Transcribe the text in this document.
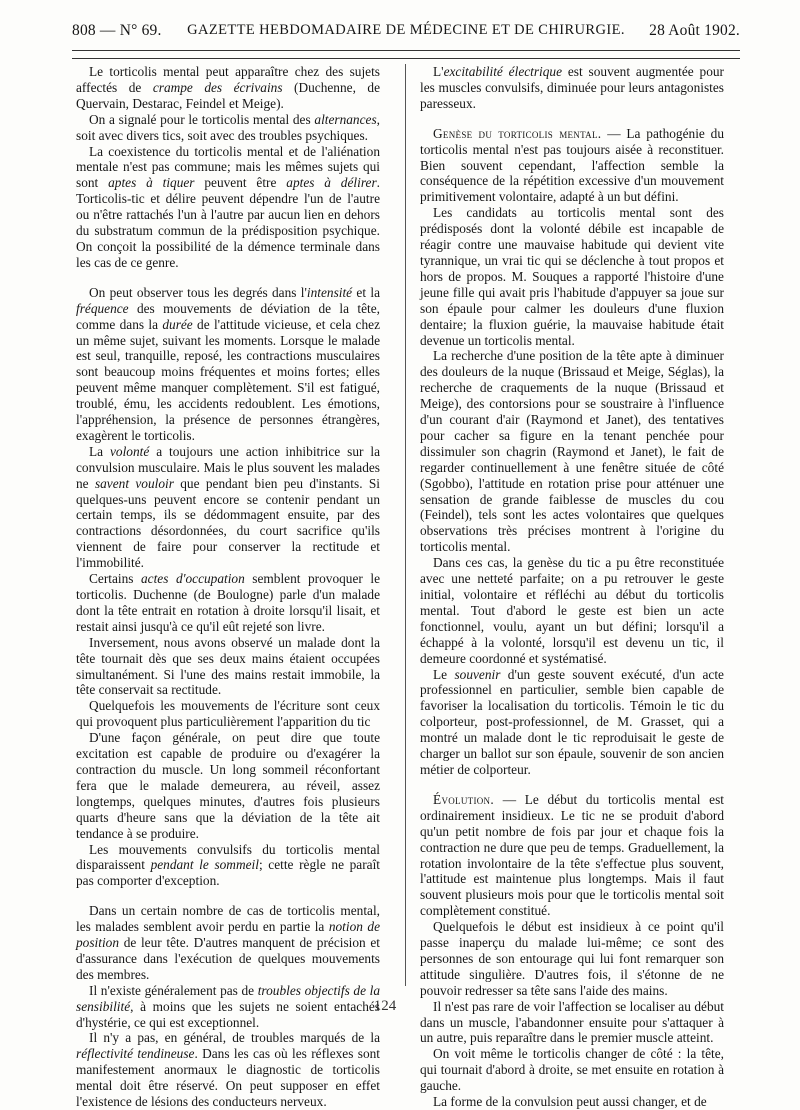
808 — N° 69.	GAZETTE HEBDOMADAIRE DE MÉDECINE ET DE CHIRURGIE.	28 Août 1902.

Le torticolis mental peut apparaître chez des sujets affectés de crampe des écrivains (Duchenne, de Quervain, Destarac, Feindel et Meige).

On a signalé pour le torticolis mental des alternances, soit avec divers tics, soit avec des troubles psychiques.

La coexistence du torticolis mental et de l'aliénation mentale n'est pas commune; mais les mêmes sujets qui sont aptes à tiquer peuvent être aptes à délirer. Torticolis-tic et délire peuvent dépendre l'un de l'autre ou n'être rattachés l'un à l'autre par aucun lien en dehors du substratum commun de la prédisposition psychique. On conçoit la possibilité de la démence terminale dans les cas de ce genre.

On peut observer tous les degrés dans l'intensité et la fréquence des mouvements de déviation de la tête, comme dans la durée de l'attitude vicieuse, et cela chez un même sujet, suivant les moments. Lorsque le malade est seul, tranquille, reposé, les contractions musculaires sont beaucoup moins fréquentes et moins fortes; elles peuvent même manquer complètement. S'il est fatigué, troublé, ému, les accidents redoublent. Les émotions, l'appréhension, la présence de personnes étrangères, exagèrent le torticolis.

La volonté a toujours une action inhibitrice sur la convulsion musculaire. Mais le plus souvent les malades ne savent vouloir que pendant bien peu d'instants. Si quelques-uns peuvent encore se contenir pendant un certain temps, ils se dédommagent ensuite, par des contractions désordonnées, du court sacrifice qu'ils viennent de faire pour conserver la rectitude et l'immobilité.

Certains actes d'occupation semblent provoquer le torticolis. Duchenne (de Boulogne) parle d'un malade dont la tête entrait en rotation à droite lorsqu'il lisait, et restait ainsi jusqu'à ce qu'il eût rejeté son livre.

Inversement, nous avons observé un malade dont la tête tournait dès que ses deux mains étaient occupées simultanément. Si l'une des mains restait immobile, la tête conservait sa rectitude.

Quelquefois les mouvements de l'écriture sont ceux qui provoquent plus particulièrement l'apparition du tic

D'une façon générale, on peut dire que toute excitation est capable de produire ou d'exagérer la contraction du muscle. Un long sommeil réconfortant fera que le malade demeurera, au réveil, assez longtemps, quelques minutes, d'autres fois plusieurs quarts d'heure sans que la déviation de la tête ait tendance à se produire.

Les mouvements convulsifs du torticolis mental disparaissent pendant le sommeil; cette règle ne paraît pas comporter d'exception.

Dans un certain nombre de cas de torticolis mental, les malades semblent avoir perdu en partie la notion de position de leur tête. D'autres manquent de précision et d'assurance dans l'exécution de quelques mouvements des membres.

Il n'existe généralement pas de troubles objectifs de la sensibilité, à moins que les sujets ne soient entachés d'hystérie, ce qui est exceptionnel.

Il n'y a pas, en général, de troubles marqués de la réflectivité tendineuse. Dans les cas où les réflexes sont manifestement anormaux le diagnostic de torticolis mental doit être réservé. On peut supposer en effet l'existence de lésions des conducteurs nerveux.

L'excitabilité électrique est souvent augmentée pour les muscles convulsifs, diminuée pour leurs antagonistes paresseux.

Genèse du torticolis mental. — La pathogénie du torticolis mental n'est pas toujours aisée à reconstituer. Bien souvent cependant, l'affection semble la conséquence de la répétition excessive d'un mouvement primitivement volontaire, adapté à un but défini.

Les candidats au torticolis mental sont des prédisposés dont la volonté débile est incapable de réagir contre une mauvaise habitude qui devient vite tyrannique, un vrai tic qui se déclenche à tout propos et hors de propos. M. Souques a rapporté l'histoire d'une jeune fille qui avait pris l'habitude d'appuyer sa joue sur son épaule pour calmer les douleurs d'une fluxion dentaire; la fluxion guérie, la mauvaise habitude était devenue un torticolis mental.

La recherche d'une position de la tête apte à diminuer des douleurs de la nuque (Brissaud et Meige, Séglas), la recherche de craquements de la nuque (Brissaud et Meige), des contorsions pour se soustraire à l'influence d'un courant d'air (Raymond et Janet), des tentatives pour cacher sa figure en la tenant penchée pour dissimuler son chagrin (Raymond et Janet), le fait de regarder continuellement à une fenêtre située de côté (Sgobbo), l'attitude en rotation prise pour atténuer une sensation de grande faiblesse de muscles du cou (Feindel), tels sont les actes volontaires que quelques observations très précises montrent à l'origine du torticolis mental.

Dans ces cas, la genèse du tic a pu être reconstituée avec une netteté parfaite; on a pu retrouver le geste initial, volontaire et réfléchi au début du torticolis mental. Tout d'abord le geste est bien un acte fonctionnel, voulu, ayant un but défini; lorsqu'il a échappé à la volonté, lorsqu'il est devenu un tic, il demeure coordonné et systématisé.

Le souvenir d'un geste souvent exécuté, d'un acte professionnel en particulier, semble bien capable de favoriser la localisation du torticolis. Témoin le tic du colporteur, post-professionnel, de M. Grasset, qui a montré un malade dont le tic reproduisait le geste de charger un ballot sur son épaule, souvenir de son ancien métier de colporteur.

Évolution. — Le début du torticolis mental est ordinairement insidieux. Le tic ne se produit d'abord qu'un petit nombre de fois par jour et chaque fois la contraction ne dure que peu de temps. Graduellement, la rotation involontaire de la tête s'effectue plus souvent, l'attitude est maintenue plus longtemps. Mais il faut souvent plusieurs mois pour que le torticolis mental soit complètement constitué.

Quelquefois le début est insidieux à ce point qu'il passe inaperçu du malade lui-même; ce sont des personnes de son entourage qui lui font remarquer son attitude singulière. D'autres fois, il s'étonne de ne pouvoir redresser sa tête sans l'aide des mains.

Il n'est pas rare de voir l'affection se localiser au début dans un muscle, l'abandonner ensuite pour s'attaquer à un autre, puis reparaître dans le premier muscle atteint.

On voit même le torticolis changer de côté : la tête, qui tournait d'abord à droite, se met ensuite en rotation à gauche.

La forme de la convulsion peut aussi changer, et de

124
